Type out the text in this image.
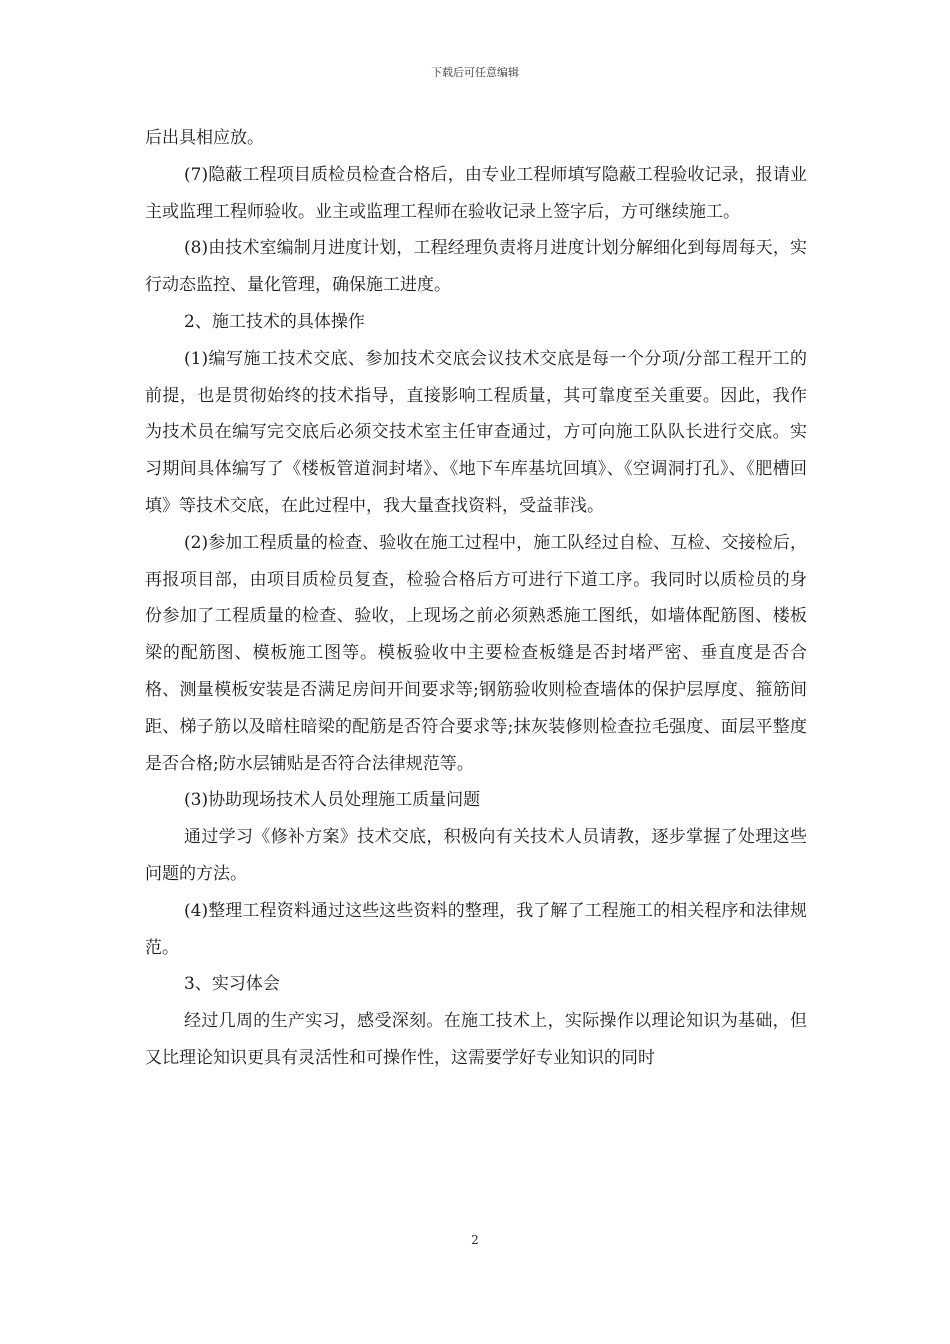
下载后可任意编辑

后出具相应放。

(7)隐蔽工程项目质检员检查合格后，由专业工程师填写隐蔽工程验收记录，报请业主或监理工程师验收。业主或监理工程师在验收记录上签字后，方可继续施工。

(8)由技术室编制月进度计划，工程经理负责将月进度计划分解细化到每周每天，实行动态监控、量化管理，确保施工进度。

2、施工技术的具体操作

(1)编写施工技术交底、参加技术交底会议技术交底是每一个分项/分部工程开工的前提，也是贯彻始终的技术指导，直接影响工程质量，其可靠度至关重要。因此，我作为技术员在编写完交底后必须交技术室主任审查通过，方可向施工队队长进行交底。实习期间具体编写了《楼板管道洞封堵》、《地下车库基坑回填》、《空调洞打孔》、《肥槽回填》等技术交底，在此过程中，我大量查找资料，受益菲浅。

(2)参加工程质量的检查、验收在施工过程中，施工队经过自检、互检、交接检后，再报项目部，由项目质检员复查，检验合格后方可进行下道工序。我同时以质检员的身份参加了工程质量的检查、验收，上现场之前必须熟悉施工图纸，如墙体配筋图、楼板梁的配筋图、模板施工图等。模板验收中主要检查板缝是否封堵严密、垂直度是否合格、测量模板安装是否满足房间开间要求等;钢筋验收则检查墙体的保护层厚度、箍筋间距、梯子筋以及暗柱暗梁的配筋是否符合要求等;抹灰装修则检查拉毛强度、面层平整度是否合格;防水层铺贴是否符合法律规范等。

(3)协助现场技术人员处理施工质量问题

通过学习《修补方案》技术交底，积极向有关技术人员请教，逐步掌握了处理这些问题的方法。

(4)整理工程资料通过这些这些资料的整理，我了解了工程施工的相关程序和法律规范。

3、实习体会

经过几周的生产实习，感受深刻。在施工技术上，实际操作以理论知识为基础，但又比理论知识更具有灵活性和可操作性，这需要学好专业知识的同时

2
